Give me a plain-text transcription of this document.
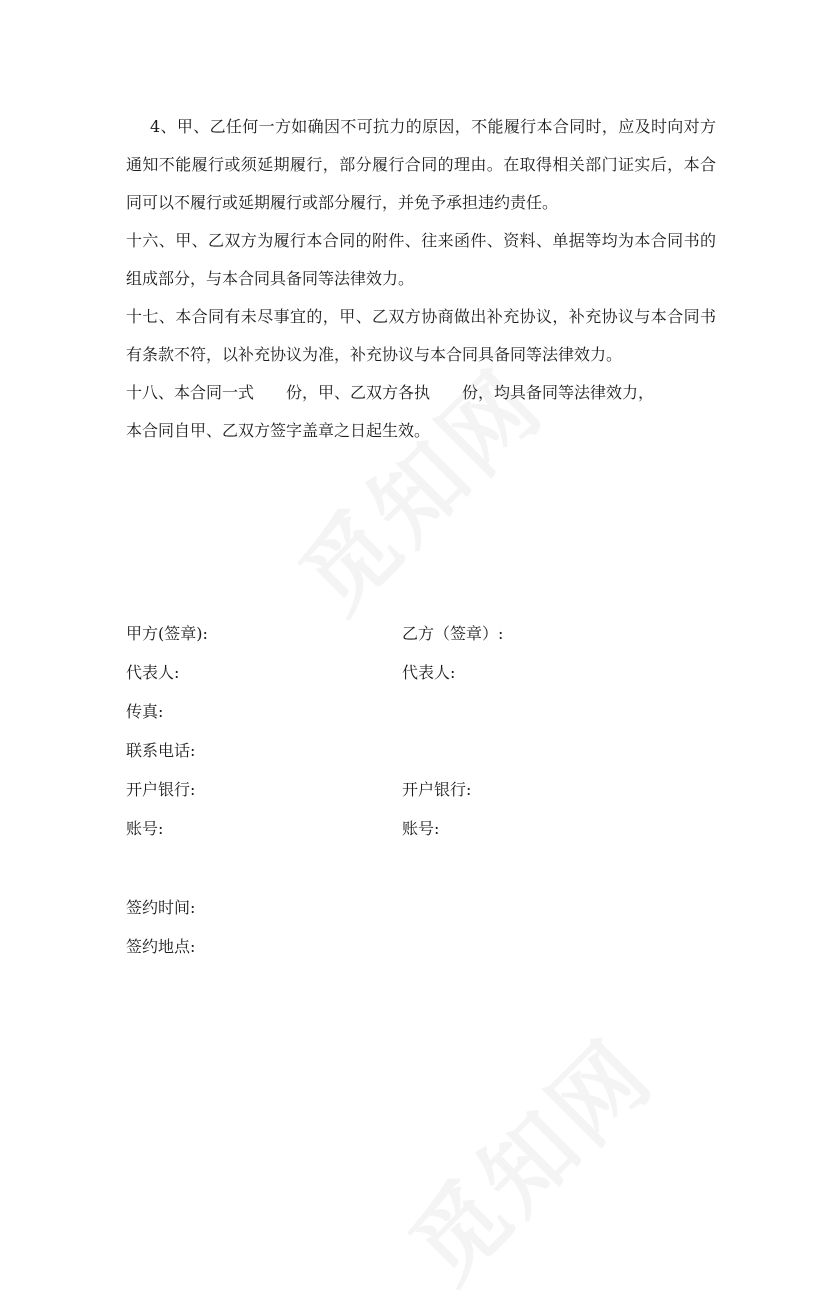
4、甲、乙任何一方如确因不可抗力的原因，不能履行本合同时，应及时向对方通知不能履行或须延期履行，部分履行合同的理由。在取得相关部门证实后，本合同可以不履行或延期履行或部分履行，并免予承担违约责任。

十六、甲、乙双方为履行本合同的附件、往来函件、资料、单据等均为本合同书的组成部分，与本合同具备同等法律效力。

十七、本合同有未尽事宜的，甲、乙双方协商做出补充协议，补充协议与本合同书有条款不符，以补充协议为准，补充协议与本合同具备同等法律效力。

十八、本合同一式　　份，甲、乙双方各执　　份，均具备同等法律效力，

本合同自甲、乙双方签字盖章之日起生效。

甲方(签章):	乙方（签章）:
代表人:	代表人:
传真:
联系电话:
开户银行:	开户银行:
账号:	账号:
签约时间:
签约地点:
